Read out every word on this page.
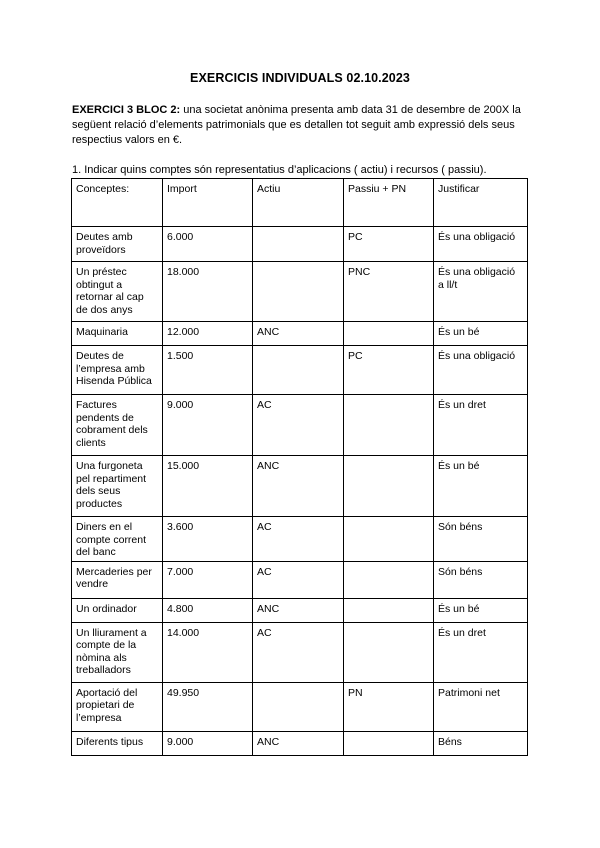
EXERCICIS INDIVIDUALS 02.10.2023
EXERCICI 3 BLOC 2: una societat anònima presenta amb data 31 de desembre de 200X la següent relació d’elements patrimonials que es detallen tot seguit amb expressió dels seus respectius valors en €.
1. Indicar quins comptes són representatius d’aplicacions ( actiu) i recursos ( passiu).
Conceptes:	Import	Actiu	Passiu + PN	Justificar
Deutes amb proveïdors	6.000		PC	És una obligació
Un préstec obtingut a retornar al cap de dos anys	18.000		PNC	És una obligació a ll/t
Maquinaria	12.000	ANC		És un bé
Deutes de l’empresa amb Hisenda Pública	1.500		PC	És una obligació
Factures pendents de cobrament dels clients	9.000	AC		És un dret
Una furgoneta pel repartiment dels seus productes	15.000	ANC		És un bé
Diners en el compte corrent del banc	3.600	AC		Són béns
Mercaderies per vendre	7.000	AC		Són béns
Un ordinador	4.800	ANC		És un bé
Un lliurament a compte de la nòmina als treballadors	14.000	AC		És un dret
Aportació del propietari de l’empresa	49.950		PN	Patrimoni net
Diferents tipus	9.000	ANC		Béns
